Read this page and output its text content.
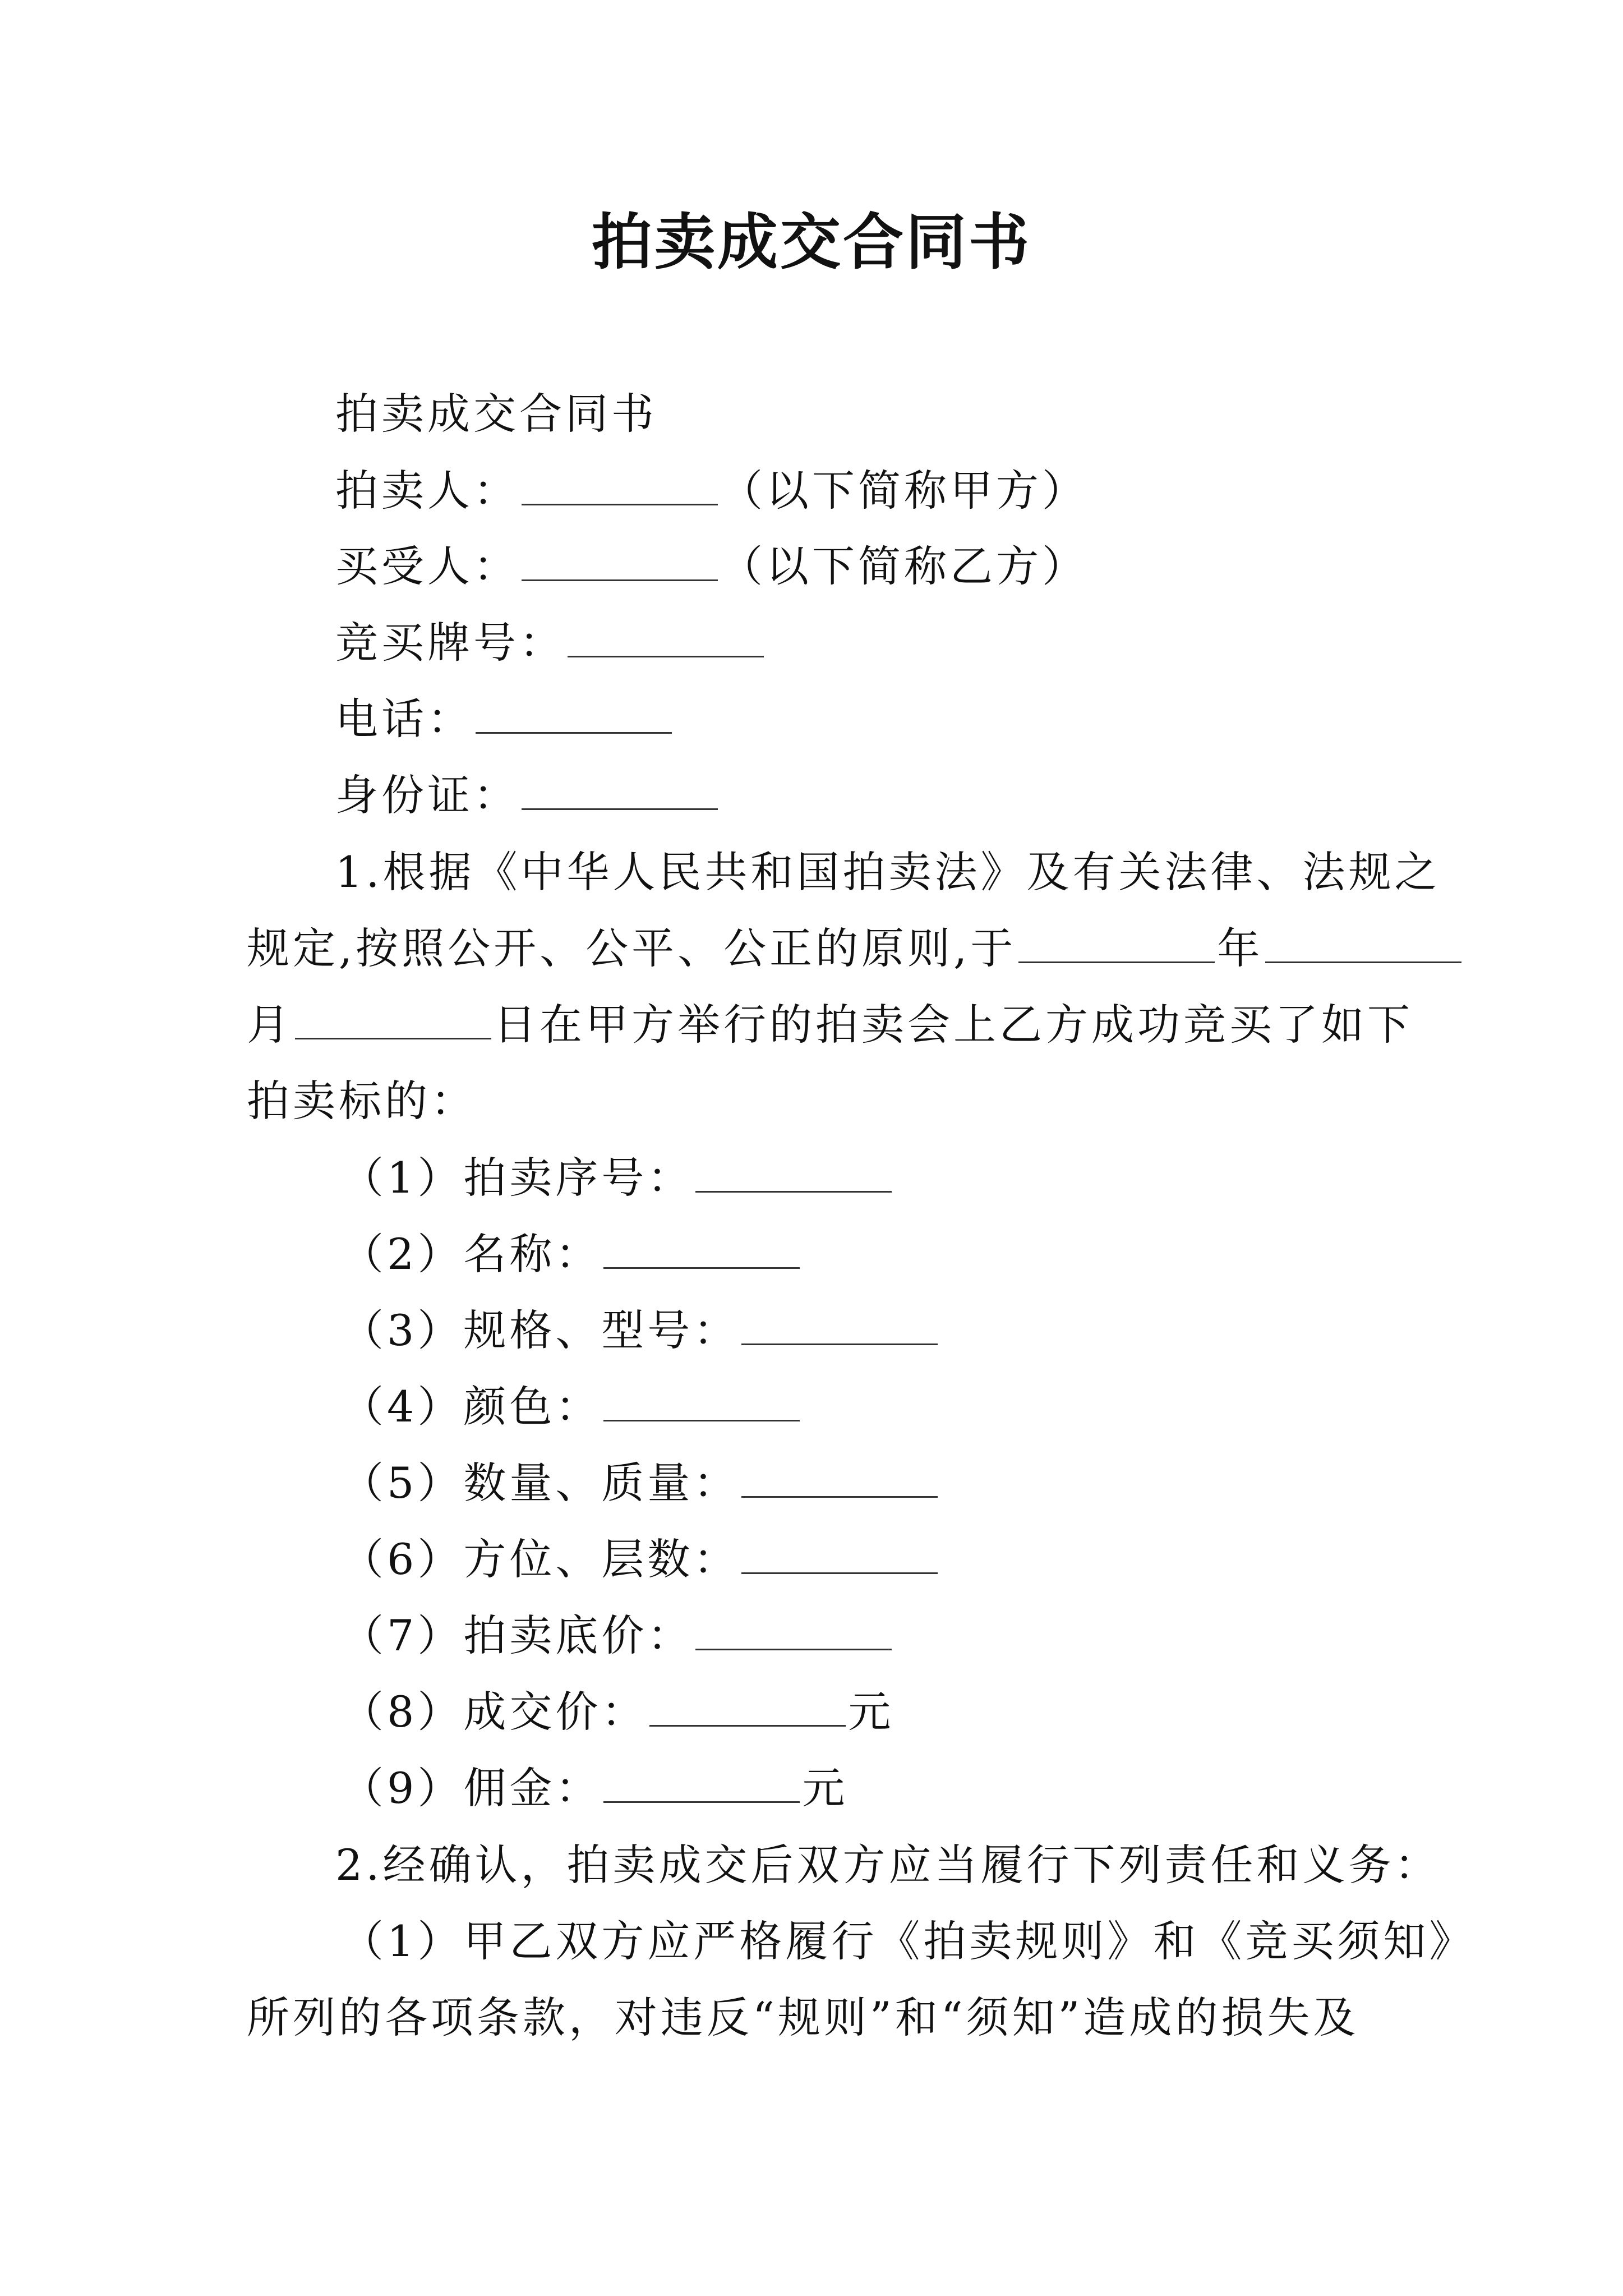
拍卖成交合同书
拍卖成交合同书
拍卖人：	（以下简称甲方）
买受人：	（以下简称乙方）
竞买牌号：
电话：
身份证：
1.根据《中华人民共和国拍卖法》及有关法律、法规之
规定,按照公开、公平、公正的原则,于	年
月	日在甲方举行的拍卖会上乙方成功竞买了如下
拍卖标的：
（1）拍卖序号：
（2）名称：
（3）规格、型号：
（4）颜色：
（5）数量、质量：
（6）方位、层数：
（7）拍卖底价：
（8）成交价：	元
（9）佣金：	元
2.经确认，拍卖成交后双方应当履行下列责任和义务：
（1）甲乙双方应严格履行《拍卖规则》和《竞买须知》
所列的各项条款，对违反“规则”和“须知”造成的损失及
